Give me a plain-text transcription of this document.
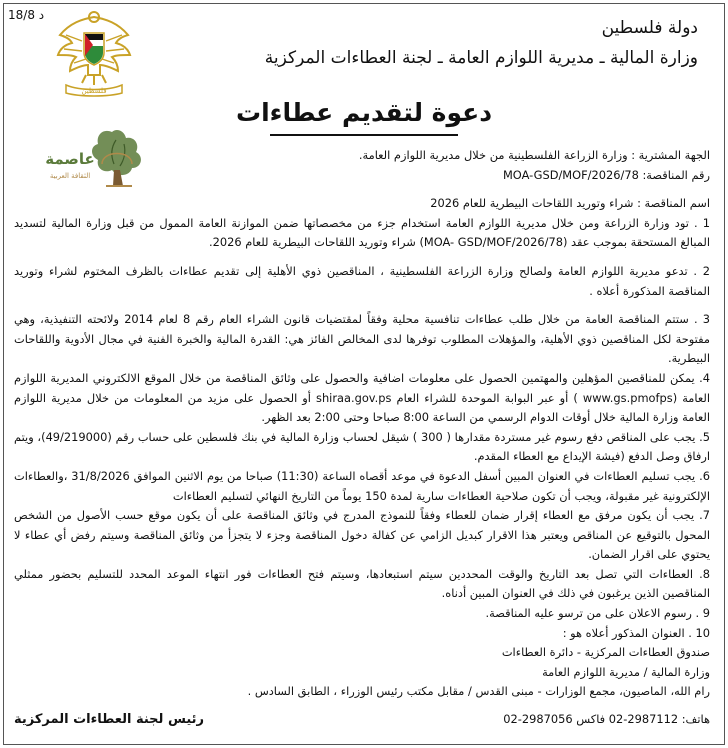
18/8 د
فلسطين
دولة فلسطين
وزارة المالية ـ مديرية اللوازم العامة ـ لجنة العطاءات المركزية
دعوة لتقديم عطاءات
عاصمة
الثقافة العربية

الجهة المشترية : وزارة الزراعة الفلسطينية من خلال مديرية اللوازم العامة.

رقم المناقصة: 78/MOA-GSD/MOF/2026

اسم المناقصة : شراء وتوريد اللقاحات البيطرية للعام 2026

1 . تود وزارة الزراعة ومن خلال مديرية اللوازم العامة استخدام جزء من مخصصاتها ضمن الموازنة العامة الممول من قبل وزارة المالية لتسديد المبالغ المستحقة بموجب عقد (MOA- GSD/MOF/2026/78) شراء وتوريد اللقاحات البيطرية للعام 2026.

2 . تدعو مديرية اللوازم العامة ولصالح وزارة الزراعة الفلسطينية ، المناقصين ذوي الأهلية إلى تقديم عطاءات بالظرف المختوم لشراء وتوريد المناقصة المذكورة أعلاه .

3 . ستتم المناقصة العامة من خلال طلب عطاءات تنافسية محلية وفقاً لمقتضيات قانون الشراء العام رقم 8 لعام 2014 ولائحته التنفيذية، وهي مفتوحة لكل المناقصين ذوي الأهلية، والمؤهلات المطلوب توفرها لدى المخالص الفائز هي: القدرة المالية والخبرة الفنية في مجال الأدوية واللقاحات البيطرية.

4. يمكن للمناقصين المؤهلين والمهتمين الحصول على معلومات اضافية والحصول على وثائق المناقصة من خلال الموقع الالكتروني المديرية اللوازم العامة (www.gs.pmofps ) أو عبر البوابة الموحدة للشراء العام shiraa.gov.ps أو الحصول على مزيد من المعلومات من خلال مديرية اللوازم العامة وزارة المالية خلال أوقات الدوام الرسمي من الساعة 8:00 صباحا وحتى 2:00 بعد الظهر.

5. يجب على المناقص دفع رسوم غير مستردة مقدارها ( 300 ) شيقل لحساب وزارة المالية في بنك فلسطين على حساب رقم (49/219000)، ويتم ارفاق وصل الدفع (فيشة الإيداع مع العطاء المقدم.

6. يجب تسليم العطاءات في العنوان المبين أسفل الدعوة في موعد أقصاه الساعة (11:30) صباحا من يوم الاثنين الموافق 31/8/2026 ،والعطاءات الإلكترونية غير مقبولة، ويجب أن تكون صلاحية العطاءات سارية لمدة 150 يوماً من التاريخ النهائي لتسليم العطاءات

7. يجب أن يكون مرفق مع العطاء إقرار ضمان للعطاء وفقاً للنموذج المدرج في وثائق المناقصة على أن يكون موقع حسب الأصول من الشخص المحول بالتوقيع عن المناقص ويعتبر هذا الاقرار كبديل الزامي عن كفالة دخول المناقصة وجزء لا يتجزأ من وثائق المناقصة وسيتم رفض أي عطاء لا يحتوي على اقرار الضمان.

8. العطاءات التي تصل بعد التاريخ والوقت المحددين سيتم استبعادها، وسيتم فتح العطاءات فور انتهاء الموعد المحدد للتسليم بحضور ممثلي المناقصين الذين يرغبون في ذلك في العنوان المبين أدناه.

9 . رسوم الاعلان على من ترسو عليه المناقصة.

10 . العنوان المذكور أعلاه هو :

صندوق العطاءات المركزية - دائرة العطاءات

وزارة المالية / مديرية اللوازم العامة

رام الله، الماصيون، مجمع الوزارات - مبنى القدس / مقابل مكتب رئيس الوزراء ، الطابق السادس .

هاتف: 2987112-02 فاكس 2987056-02
رئيس لجنة العطاءات المركزية
